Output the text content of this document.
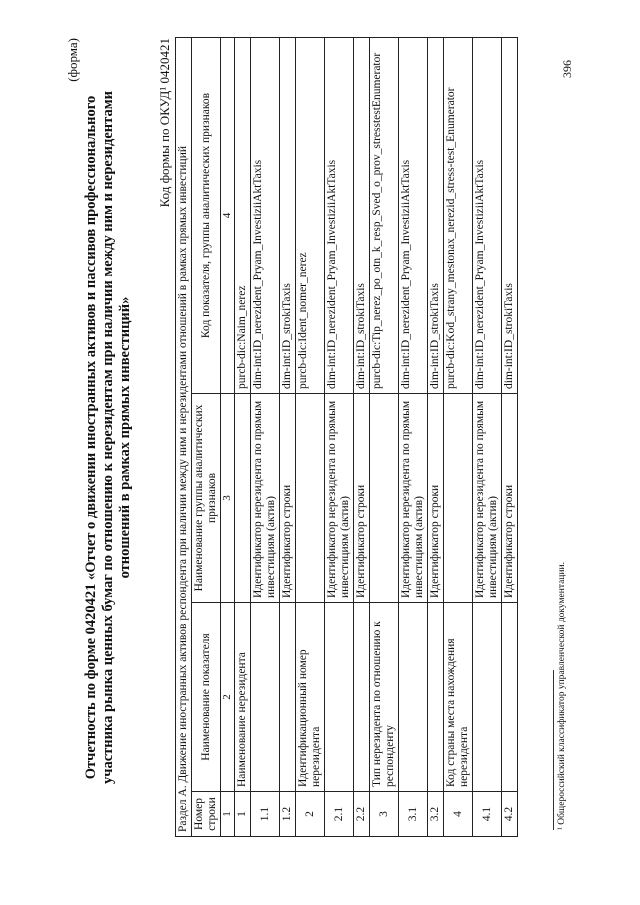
(форма)
Отчетность по форме 0420421 «Отчет о движении иностранных активов и пассивов профессионального участника рынка ценных бумаг по отношению к нерезидентам при наличии между ним и нерезидентами отношений в рамках прямых инвестиций»
Код формы по ОКУД¹ 0420421
Раздел А. Движение иностранных активов респондента при наличии между ним и нерезидентами отношений в рамках прямых инвестиций			
Номер строки	Наименование показателя	Наименование группы аналитических признаков	Код показателя, группы аналитических признаков
1	2	3	4
1	Наименование нерезидента		purcb-dic:Naim_nerez
1.1		Идентификатор нерезидента по прямым инвестициям (актив)	dim-int:ID_nerezident_Pryam_InvestiziiAktTaxis
1.2		Идентификатор строки	dim-int:ID_strokiTaxis
2	Идентификационный номер нерезидента		purcb-dic:Ident_nomer_nerez
2.1		Идентификатор нерезидента по прямым инвестициям (актив)	dim-int:ID_nerezident_Pryam_InvestiziiAktTaxis
2.2		Идентификатор строки	dim-int:ID_strokiTaxis
3	Тип нерезидента по отношению к респонденту		purcb-dic:Tip_nerez_po_otn_k_resp_Sved_o_prov_stresstestEnumerator
3.1		Идентификатор нерезидента по прямым инвестициям (актив)	dim-int:ID_nerezident_Pryam_InvestiziiAktTaxis
3.2		Идентификатор строки	dim-int:ID_strokiTaxis
4	Код страны места нахождения нерезидента		purcb-dic:Kod_strany_mestonax_nerezid_stress-test_Enumerator
4.1		Идентификатор нерезидента по прямым инвестициям (актив)	dim-int:ID_nerezident_Pryam_InvestiziiAktTaxis
4.2		Идентификатор строки	dim-int:ID_strokiTaxis
¹ Общероссийский классификатор управленческой документации.
396
